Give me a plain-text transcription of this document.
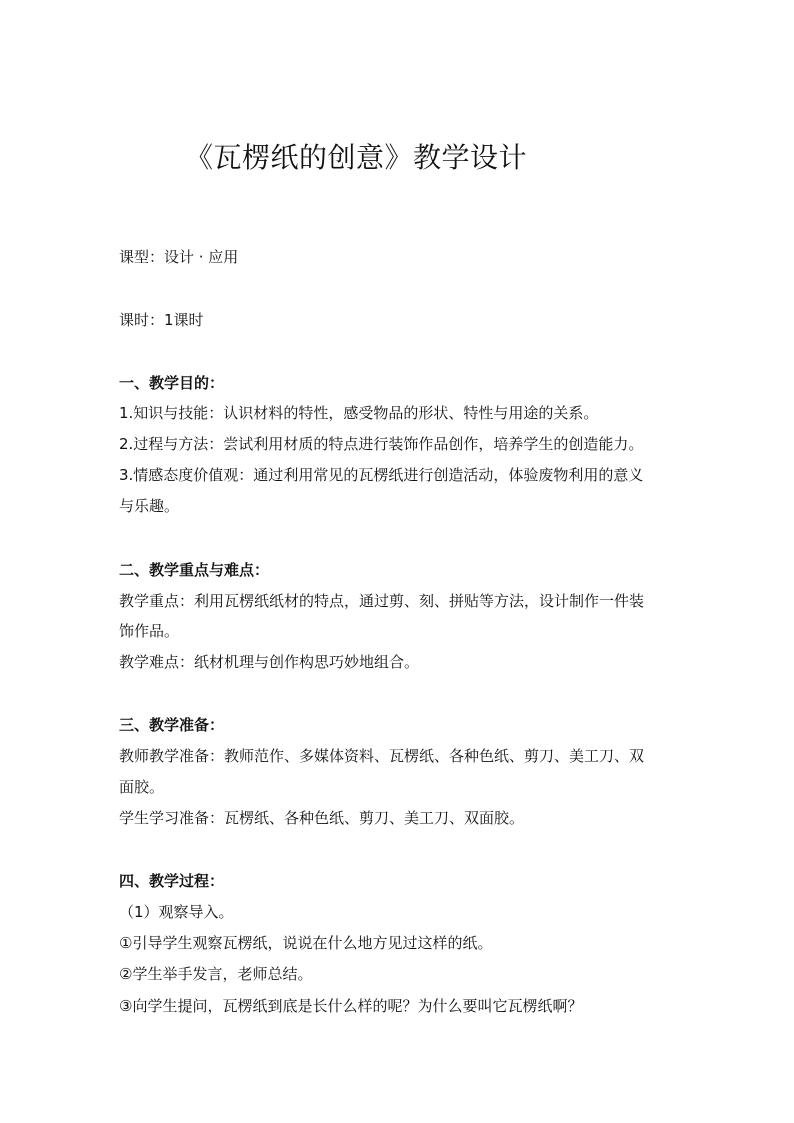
《瓦楞纸的创意》教学设计
课型：设计 · 应用
课时：1课时
一、教学目的：
1.知识与技能：认识材料的特性，感受物品的形状、特性与用途的关系。
2.过程与方法：尝试利用材质的特点进行装饰作品创作，培养学生的创造能力。
3.情感态度价值观：通过利用常见的瓦楞纸进行创造活动，体验废物利用的意义
与乐趣。
二、教学重点与难点：
教学重点：利用瓦楞纸纸材的特点，通过剪、刻、拼贴等方法，设计制作一件装
饰作品。
教学难点：纸材机理与创作构思巧妙地组合。
三、教学准备：
教师教学准备：教师范作、多媒体资料、瓦楞纸、各种色纸、剪刀、美工刀、双
面胶。
学生学习准备：瓦楞纸、各种色纸、剪刀、美工刀、双面胶。
四、教学过程：
（1）观察导入。
①引导学生观察瓦楞纸，说说在什么地方见过这样的纸。
②学生举手发言，老师总结。
③向学生提问，瓦楞纸到底是长什么样的呢？为什么要叫它瓦楞纸啊？
